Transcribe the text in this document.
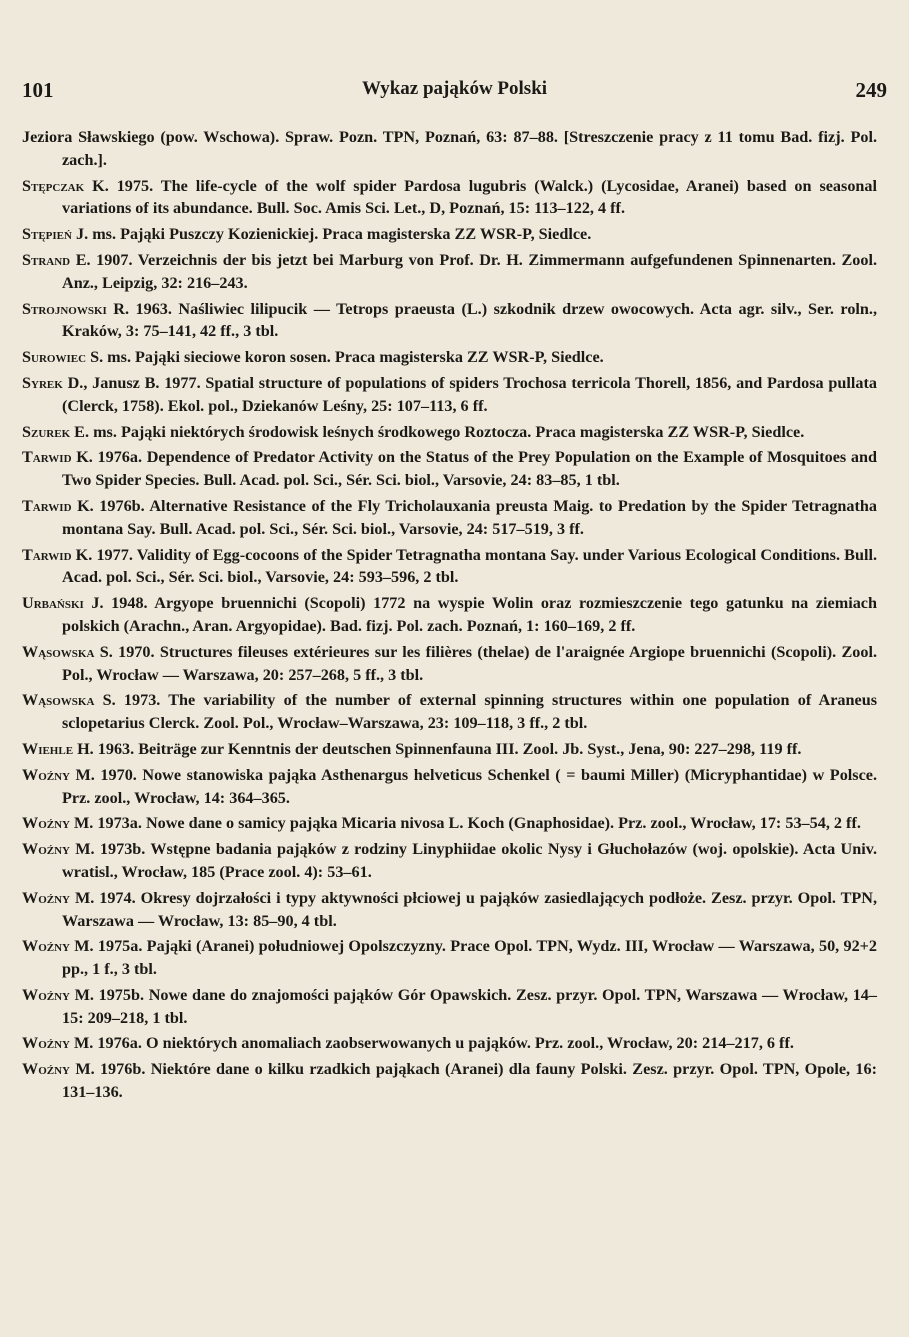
101	Wykaz pająków Polski	249

Jeziora Sławskiego (pow. Wschowa). Spraw. Pozn. TPN, Poznań, 63: 87–88. [Streszczenie pracy z 11 tomu Bad. fizj. Pol. zach.].

Stępczak K. 1975. The life-cycle of the wolf spider Pardosa lugubris (Walck.) (Lycosidae, Aranei) based on seasonal variations of its abundance. Bull. Soc. Amis Sci. Let., D, Poznań, 15: 113–122, 4 ff.

Stępień J. ms. Pająki Puszczy Kozienickiej. Praca magisterska ZZ WSR-P, Siedlce.

Strand E. 1907. Verzeichnis der bis jetzt bei Marburg von Prof. Dr. H. Zimmermann aufgefundenen Spinnenarten. Zool. Anz., Leipzig, 32: 216–243.

Strojnowski R. 1963. Naśliwiec lilipucik — Tetrops praeusta (L.) szkodnik drzew owocowych. Acta agr. silv., Ser. roln., Kraków, 3: 75–141, 42 ff., 3 tbl.

Surowiec S. ms. Pająki sieciowe koron sosen. Praca magisterska ZZ WSR-P, Siedlce.

Syrek D., Janusz B. 1977. Spatial structure of populations of spiders Trochosa terricola Thorell, 1856, and Pardosa pullata (Clerck, 1758). Ekol. pol., Dziekanów Leśny, 25: 107–113, 6 ff.

Szurek E. ms. Pająki niektórych środowisk leśnych środkowego Roztocza. Praca magisterska ZZ WSR-P, Siedlce.

Tarwid K. 1976a. Dependence of Predator Activity on the Status of the Prey Population on the Example of Mosquitoes and Two Spider Species. Bull. Acad. pol. Sci., Sér. Sci. biol., Varsovie, 24: 83–85, 1 tbl.

Tarwid K. 1976b. Alternative Resistance of the Fly Tricholauxania preusta Maig. to Predation by the Spider Tetragnatha montana Say. Bull. Acad. pol. Sci., Sér. Sci. biol., Varsovie, 24: 517–519, 3 ff.

Tarwid K. 1977. Validity of Egg-cocoons of the Spider Tetragnatha montana Say. under Various Ecological Conditions. Bull. Acad. pol. Sci., Sér. Sci. biol., Varsovie, 24: 593–596, 2 tbl.

Urbański J. 1948. Argyope bruennichi (Scopoli) 1772 na wyspie Wolin oraz rozmieszczenie tego gatunku na ziemiach polskich (Arachn., Aran. Argyopidae). Bad. fizj. Pol. zach. Poznań, 1: 160–169, 2 ff.

Wąsowska S. 1970. Structures fileuses extérieures sur les filières (thelae) de l'araignée Argiope bruennichi (Scopoli). Zool. Pol., Wrocław — Warszawa, 20: 257–268, 5 ff., 3 tbl.

Wąsowska S. 1973. The variability of the number of external spinning structures within one population of Araneus sclopetarius Clerck. Zool. Pol., Wrocław–Warszawa, 23: 109–118, 3 ff., 2 tbl.

Wiehle H. 1963. Beiträge zur Kenntnis der deutschen Spinnenfauna III. Zool. Jb. Syst., Jena, 90: 227–298, 119 ff.

Woźny M. 1970. Nowe stanowiska pająka Asthenargus helveticus Schenkel ( = baumi Miller) (Micryphantidae) w Polsce. Prz. zool., Wrocław, 14: 364–365.

Woźny M. 1973a. Nowe dane o samicy pająka Micaria nivosa L. Koch (Gnaphosidae). Prz. zool., Wrocław, 17: 53–54, 2 ff.

Woźny M. 1973b. Wstępne badania pająków z rodziny Linyphiidae okolic Nysy i Głuchołazów (woj. opolskie). Acta Univ. wratisl., Wrocław, 185 (Prace zool. 4): 53–61.

Woźny M. 1974. Okresy dojrzałości i typy aktywności płciowej u pająków zasiedlających podłoże. Zesz. przyr. Opol. TPN, Warszawa — Wrocław, 13: 85–90, 4 tbl.

Woźny M. 1975a. Pająki (Aranei) południowej Opolszczyzny. Prace Opol. TPN, Wydz. III, Wrocław — Warszawa, 50, 92+2 pp., 1 f., 3 tbl.

Woźny M. 1975b. Nowe dane do znajomości pająków Gór Opawskich. Zesz. przyr. Opol. TPN, Warszawa — Wrocław, 14–15: 209–218, 1 tbl.

Woźny M. 1976a. O niektórych anomaliach zaobserwowanych u pająków. Prz. zool., Wrocław, 20: 214–217, 6 ff.

Woźny M. 1976b. Niektóre dane o kilku rzadkich pająkach (Aranei) dla fauny Polski. Zesz. przyr. Opol. TPN, Opole, 16: 131–136.
